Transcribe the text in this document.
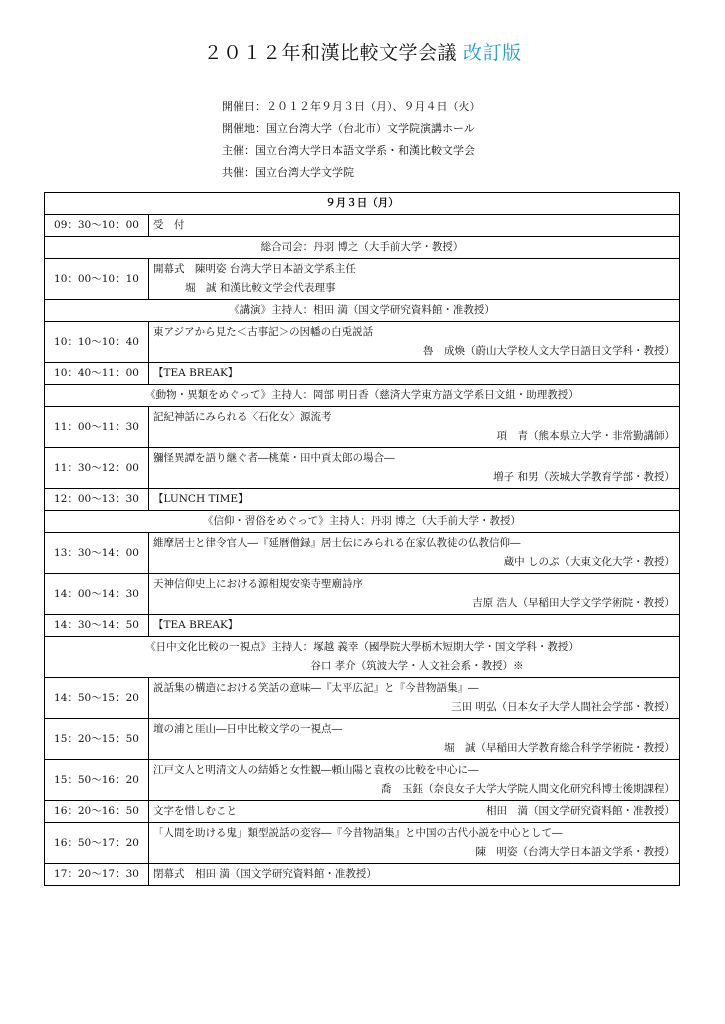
２０１２年和漢比較文学会議 改訂版
開催日：２０１２年９月３日（月）、９月４日（火）
開催地：国立台湾大学（台北市）文学院演講ホール
主催：国立台湾大学日本語文学系・和漢比較文学会
共催：国立台湾大学文学院
９月３日（月）	
09：30〜10：00	受　付

総合司会：丹羽 博之（大手前大学・教授）	
10：00〜10：10	開幕式　陳明姿 台湾大学日本語文学系主任
堀　誠 和漢比較文学会代表理事

《講演》主持人：相田 満（国文学研究資料館・准教授）	
10：10〜10：40	東アジアから見た＜古事記＞の因幡の白兎説話
魯　成煥（蔚山大学校人文大学日語日文学科・教授）

10：40〜11：00	【TEA BREAK】

《動物・異類をめぐって》主持人：岡部 明日香（慈済大学東方語文学系日文組・助理教授）	
11：00〜11：30	記紀神話にみられる〈石化女〉源流考
項　青（熊本県立大学・非常勤講師）

11：30〜12：00	獼怪異譚を語り継ぐ者―桃葉・田中貢太郎の場合―
増子 和男（茨城大学教育学部・教授）

12：00〜13：30	【LUNCH TIME】

《信仰・習俗をめぐって》主持人：丹羽 博之（大手前大学・教授）	
13：30〜14：00	維摩居士と律令官人―『延暦僧録』居士伝にみられる在家仏教徒の仏教信仰―
蔵中 しのぶ（大東文化大学・教授）

14：00〜14：30	天神信仰史上における源相規安楽寺聖廟詩序
吉原 浩人（早稲田大学文学学術院・教授）

14：30〜14：50	【TEA BREAK】

《日中文化比較の一視点》主持人：塚越 義幸（國學院大學栃木短期大学・国文学科・教授）
谷口 孝介（筑波大学・人文社会系・教授）※	

14：50〜15：20	説話集の構造における笑話の意味―『太平広記』と『今昔物語集』―
三田 明弘（日本女子大学人間社会学部・教授）

15：20〜15：50	壇の浦と厓山―日中比較文学の一視点―
堀　誠（早稲田大学教育総合科学学術院・教授）

15：50〜16：20	江戸文人と明清文人の結婚と女性観―頼山陽と袁枚の比較を中心に―
喬　玉鈺（奈良女子大学大学院人間文化研究科博士後期課程）

16：20〜16：50	文字を惜しむこと 相田　満（国文学研究資料館・准教授）

16：50〜17：20	「人間を助ける鬼」類型説話の変容―『今昔物語集』と中国の古代小説を中心として―
陳　明姿（台湾大学日本語文学系・教授）

17：20〜17：30	閉幕式　相田 満（国文学研究資料館・准教授）
